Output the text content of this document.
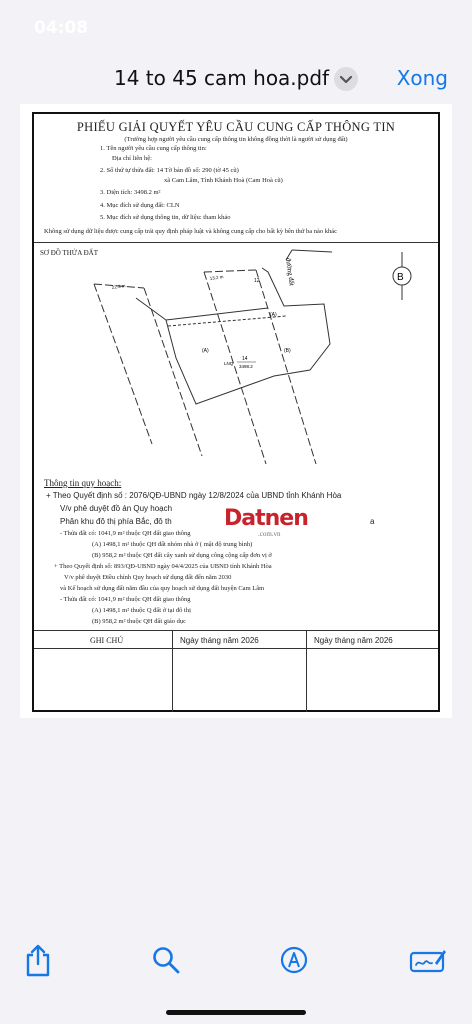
04:08
14 to 45 cam hoa.pdf	Xong
PHIẾU GIẢI QUYẾT YÊU CẦU CUNG CẤP THÔNG TIN
(Trường hợp người yêu cầu cung cấp thông tin không đồng thời là người sử dụng đất)
1. Tên người yêu cầu cung cấp thông tin:
Địa chỉ liên hệ:
2. Số thứ tự thửa đất: 14 Tờ bản đồ số: 290 (tờ 45 cũ)
xã Cam Lâm, Tỉnh Khánh Hoà (Cam Hoà cũ)
3. Diện tích: 3498.2 m²
4. Mục đích sử dụng đất: CLN
5. Mục đích sử dụng thông tin, dữ liệu: tham khảo
Không sử dụng dữ liệu được cung cấp trái quy định pháp luật và không cung cấp cho bất kỳ bên thứ ba nào khác
SƠ ĐỒ THỬA ĐẤT
đường đất	B
12
13.2 m
22.3 m
(A)
(A)	(B)
14
LNQ
3498.2
Thông tin quy hoạch:
+ Theo Quyết định số : 2076/QĐ-UBND ngày 12/8/2024 của UBND tỉnh Khánh Hòa
V/v phê duyệt đồ án Quy hoạch
Phân khu đô thị phía Bắc, đô th	a
- Thửa đất có: 1041,9 m² thuộc QH đất giao thông
(A) 1498,1 m² thuộc QH đất nhóm nhà ở ( mật độ trung bình)
(B) 958,2 m² thuộc QH đất cây xanh sử dụng công cộng cấp đơn vị ở
+ Theo Quyết định số: 893/QĐ-UBND ngày 04/4/2025 của UBND tỉnh Khánh Hòa
V/v phê duyệt Điều chỉnh Quy hoạch sử dụng đất đến năm 2030
và Kế hoạch sử dụng đất năm đầu của quy hoạch sử dụng đất huyện Cam Lâm
- Thửa đất có: 1041,9 m² thuộc QH đất giao thông
(A) 1498,1 m² thuộc Q đất ở tại đô thị
(B) 958,2 m² thuộc QH đất giáo dục
Datnen
.com.vn
GHI CHÚ	Ngày tháng năm 2026	Ngày tháng năm 2026
